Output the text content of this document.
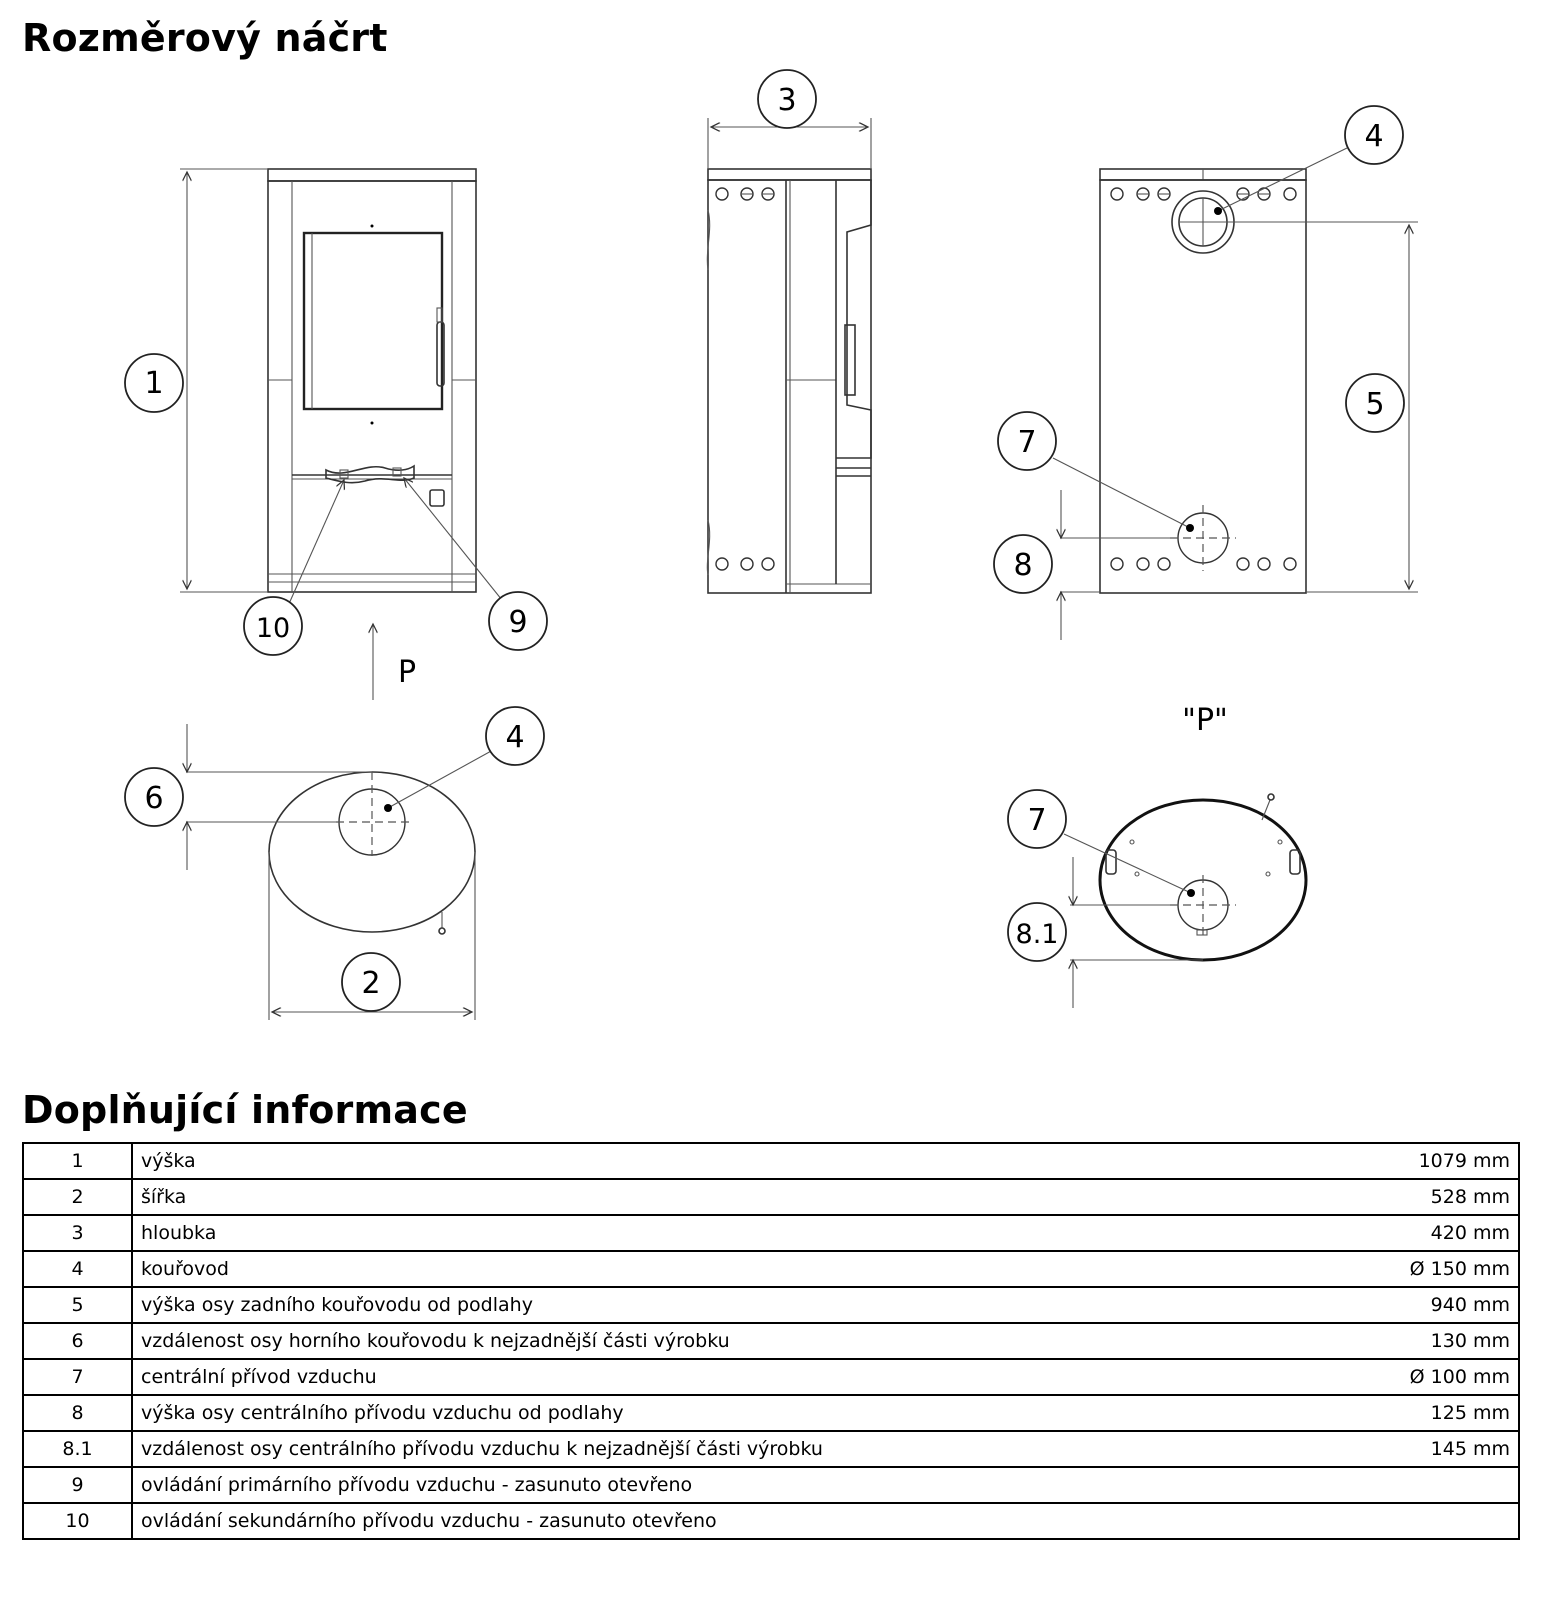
Rozměrový náčrt
1
2
3
4
4
5
6
7
7
8
8.1
9
10
P
"P"
Doplňující informace
1	výška	1079 mm
2	šířka	528 mm
3	hloubka	420 mm
4	kouřovod	Ø 150 mm
5	výška osy zadního kouřovodu od podlahy	940 mm
6	vzdálenost osy horního kouřovodu k nejzadnější části výrobku	130 mm
7	centrální přívod vzduchu	Ø 100 mm
8	výška osy centrálního přívodu vzduchu od podlahy	125 mm
8.1	vzdálenost osy centrálního přívodu vzduchu k nejzadnější části výrobku	145 mm
9	ovládání primárního přívodu vzduchu - zasunuto otevřeno	
10	ovládání sekundárního přívodu vzduchu - zasunuto otevřeno	
